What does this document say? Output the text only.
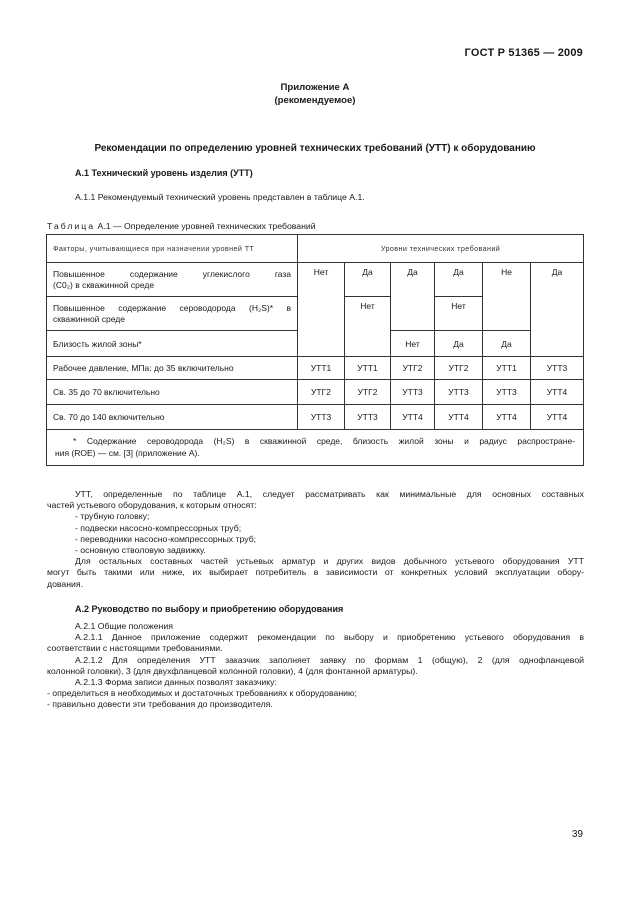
ГОСТ Р 51365 — 2009
Приложение А
(рекомендуемое)
Рекомендации по определению уровней технических требований (УТТ) к оборудованию
А.1 Технический уровень изделия (УТТ)
А.1.1 Рекомендуемый технический уровень представлен в таблице А.1.
Таблица А.1 — Определение уровней технических требований
Факторы, учитывающиеся при назначении уровней ТТ	Уровни технических требований					

Повышенное содержание углекислого газа
(C0₂) в скважинной среде	Нет	Да	Да	Да	Не	Да

Повышенное содержание сероводорода (H₂S)* в
скважинной среде		Нет		Нет		
Близость жилой зоны*			Нет	Да	Да	
Рабочее давление, МПа: до 35 включительно	УТТ1	УТТ1	УТГ2	УТГ2	УТТ1	УТТ3
Св. 35 до 70 включительно	УТГ2	УТГ2	УТТ3	УТТ3	УТТ3	УТТ4
Св. 70 до 140 включительно	УТТ3	УТТ3	УТТ4	УТТ4	УТТ4	УТТ4

* Содержание сероводорода (H₂S) в скважинной среде, близость жилой зоны и радиус распростране-
ния (ROE) — см. [3] (приложение А).						
УТТ, определенные по таблице А.1, следует рассматривать как минимальные для основных составных
частей устьевого оборудования, к которым относят:
- трубную головку;
- подвески насосно-компрессорных труб;
- переводники насосно-компрессорных труб;
- основную стволовую задвижку.
Для остальных составных частей устьевых арматур и других видов добычного устьевого оборудования УТТ
могут быть такими или ниже, их выбирает потребитель в зависимости от конкретных условий эксплуатации обору-
дования.
А.2 Руководство по выбору и приобретению оборудования
А.2.1 Общие положения
А.2.1.1 Данное приложение содержит рекомендации по выбору и приобретению устьевого оборудования в
соответствии с настоящими требованиями.
А.2.1.2 Для определения УТТ заказчик заполняет заявку по формам 1 (общую), 2 (для однофланцевой
колонной головки), 3 (для двухфланцевой колонной головки), 4 (для фонтанной арматуры).
А.2.1.3 Форма записи данных позволят заказчику:
- определиться в необходимых и достаточных требованиях к оборудованию;
- правильно довести эти требования до производителя.
39
